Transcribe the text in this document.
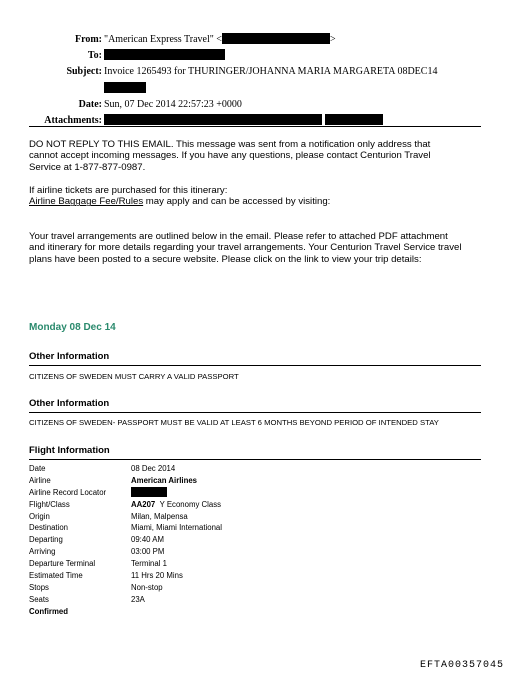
From: "American Express Travel" <	>
To:
Subject: Invoice 1265493 for THURINGER/JOHANNA MARIA MARGARETA 08DEC14
Date: Sun, 07 Dec 2014 22:57:23 +0000
Attachments:

DO NOT REPLY TO THIS EMAIL. This message was sent from a notification only address that

cannot accept incoming messages. If you have any questions, please contact Centurion Travel

Service at 1-877-877-0987.

If airline tickets are purchased for this itinerary:

Airline Baggage Fee/Rules may apply and can be accessed by visiting:

Your travel arrangements are outlined below in the email. Please refer to attached PDF attachment

and itinerary for more details regarding your travel arrangements. Your Centurion Travel Service travel

plans have been posted to a secure website. Please click on the link to view your trip details:

Monday 08 Dec 14
Other Information
CITIZENS OF SWEDEN MUST CARRY A VALID PASSPORT
Other Information
CITIZENS OF SWEDEN- PASSPORT MUST BE VALID AT LEAST 6 MONTHS BEYOND PERIOD OF INTENDED STAY
Flight Information
Date	08 Dec 2014
Airline	American Airlines
Airline Record Locator
Flight/Class	AA207 Y Economy Class
Origin	Milan, Malpensa
Destination	Miami, Miami International
Departing	09:40 AM
Arriving	03:00 PM
Departure Terminal	Terminal 1
Estimated Time	11 Hrs 20 Mins
Stops	Non-stop
Seats	23A
Confirmed
EFTA00357045
